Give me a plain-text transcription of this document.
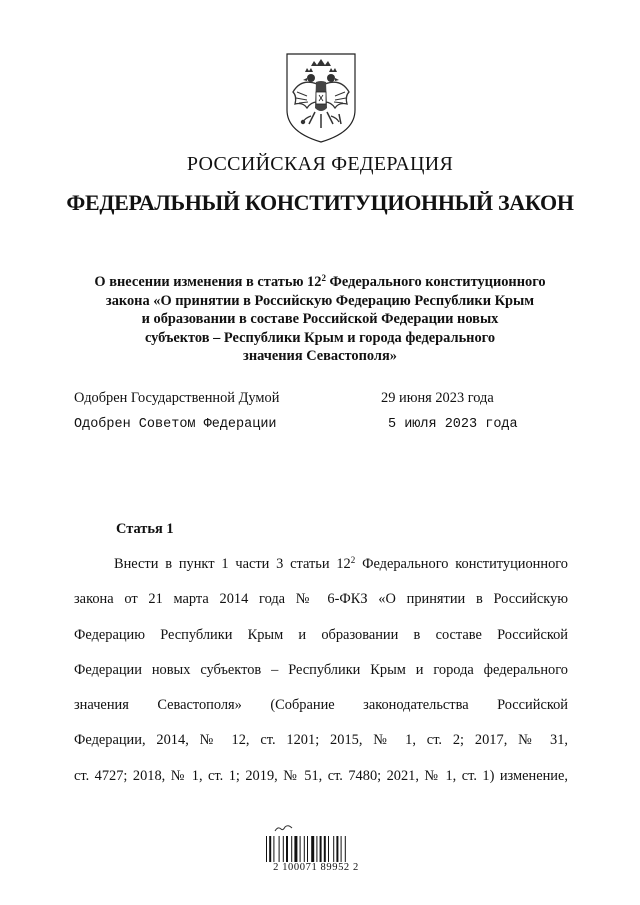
РОССИЙСКАЯ ФЕДЕРАЦИЯ
ФЕДЕРАЛЬНЫЙ КОНСТИТУЦИОННЫЙ ЗАКОН
О внесении изменения в статью $12^2$ Федерального конституционного
закона «О принятии в Российскую Федерацию Республики Крым
и образовании в составе Российской Федерации новых
субъектов – Республики Крым и города федерального
значения Севастополя»
Одобрен Государственной Думой	29 июня 2023 года
Одобрен Советом Федерации	5 июля 2023 года
Статья 1
Внести в пункт 1 части 3 статьи $12^2$ Федерального конституционного
закона от 21 марта 2014 года № 6-ФКЗ «О принятии в Российскую
Федерацию Республики Крым и образовании в составе Российской
Федерации новых субъектов – Республики Крым и города федерального
значения Севастополя» (Собрание законодательства Российской
Федерации, 2014, № 12, ст. 1201; 2015, № 1, ст. 2; 2017, № 31,
ст. 4727; 2018, № 1, ст. 1; 2019, № 51, ст. 7480; 2021, № 1, ст. 1) изменение,
2 100071 89952 2
